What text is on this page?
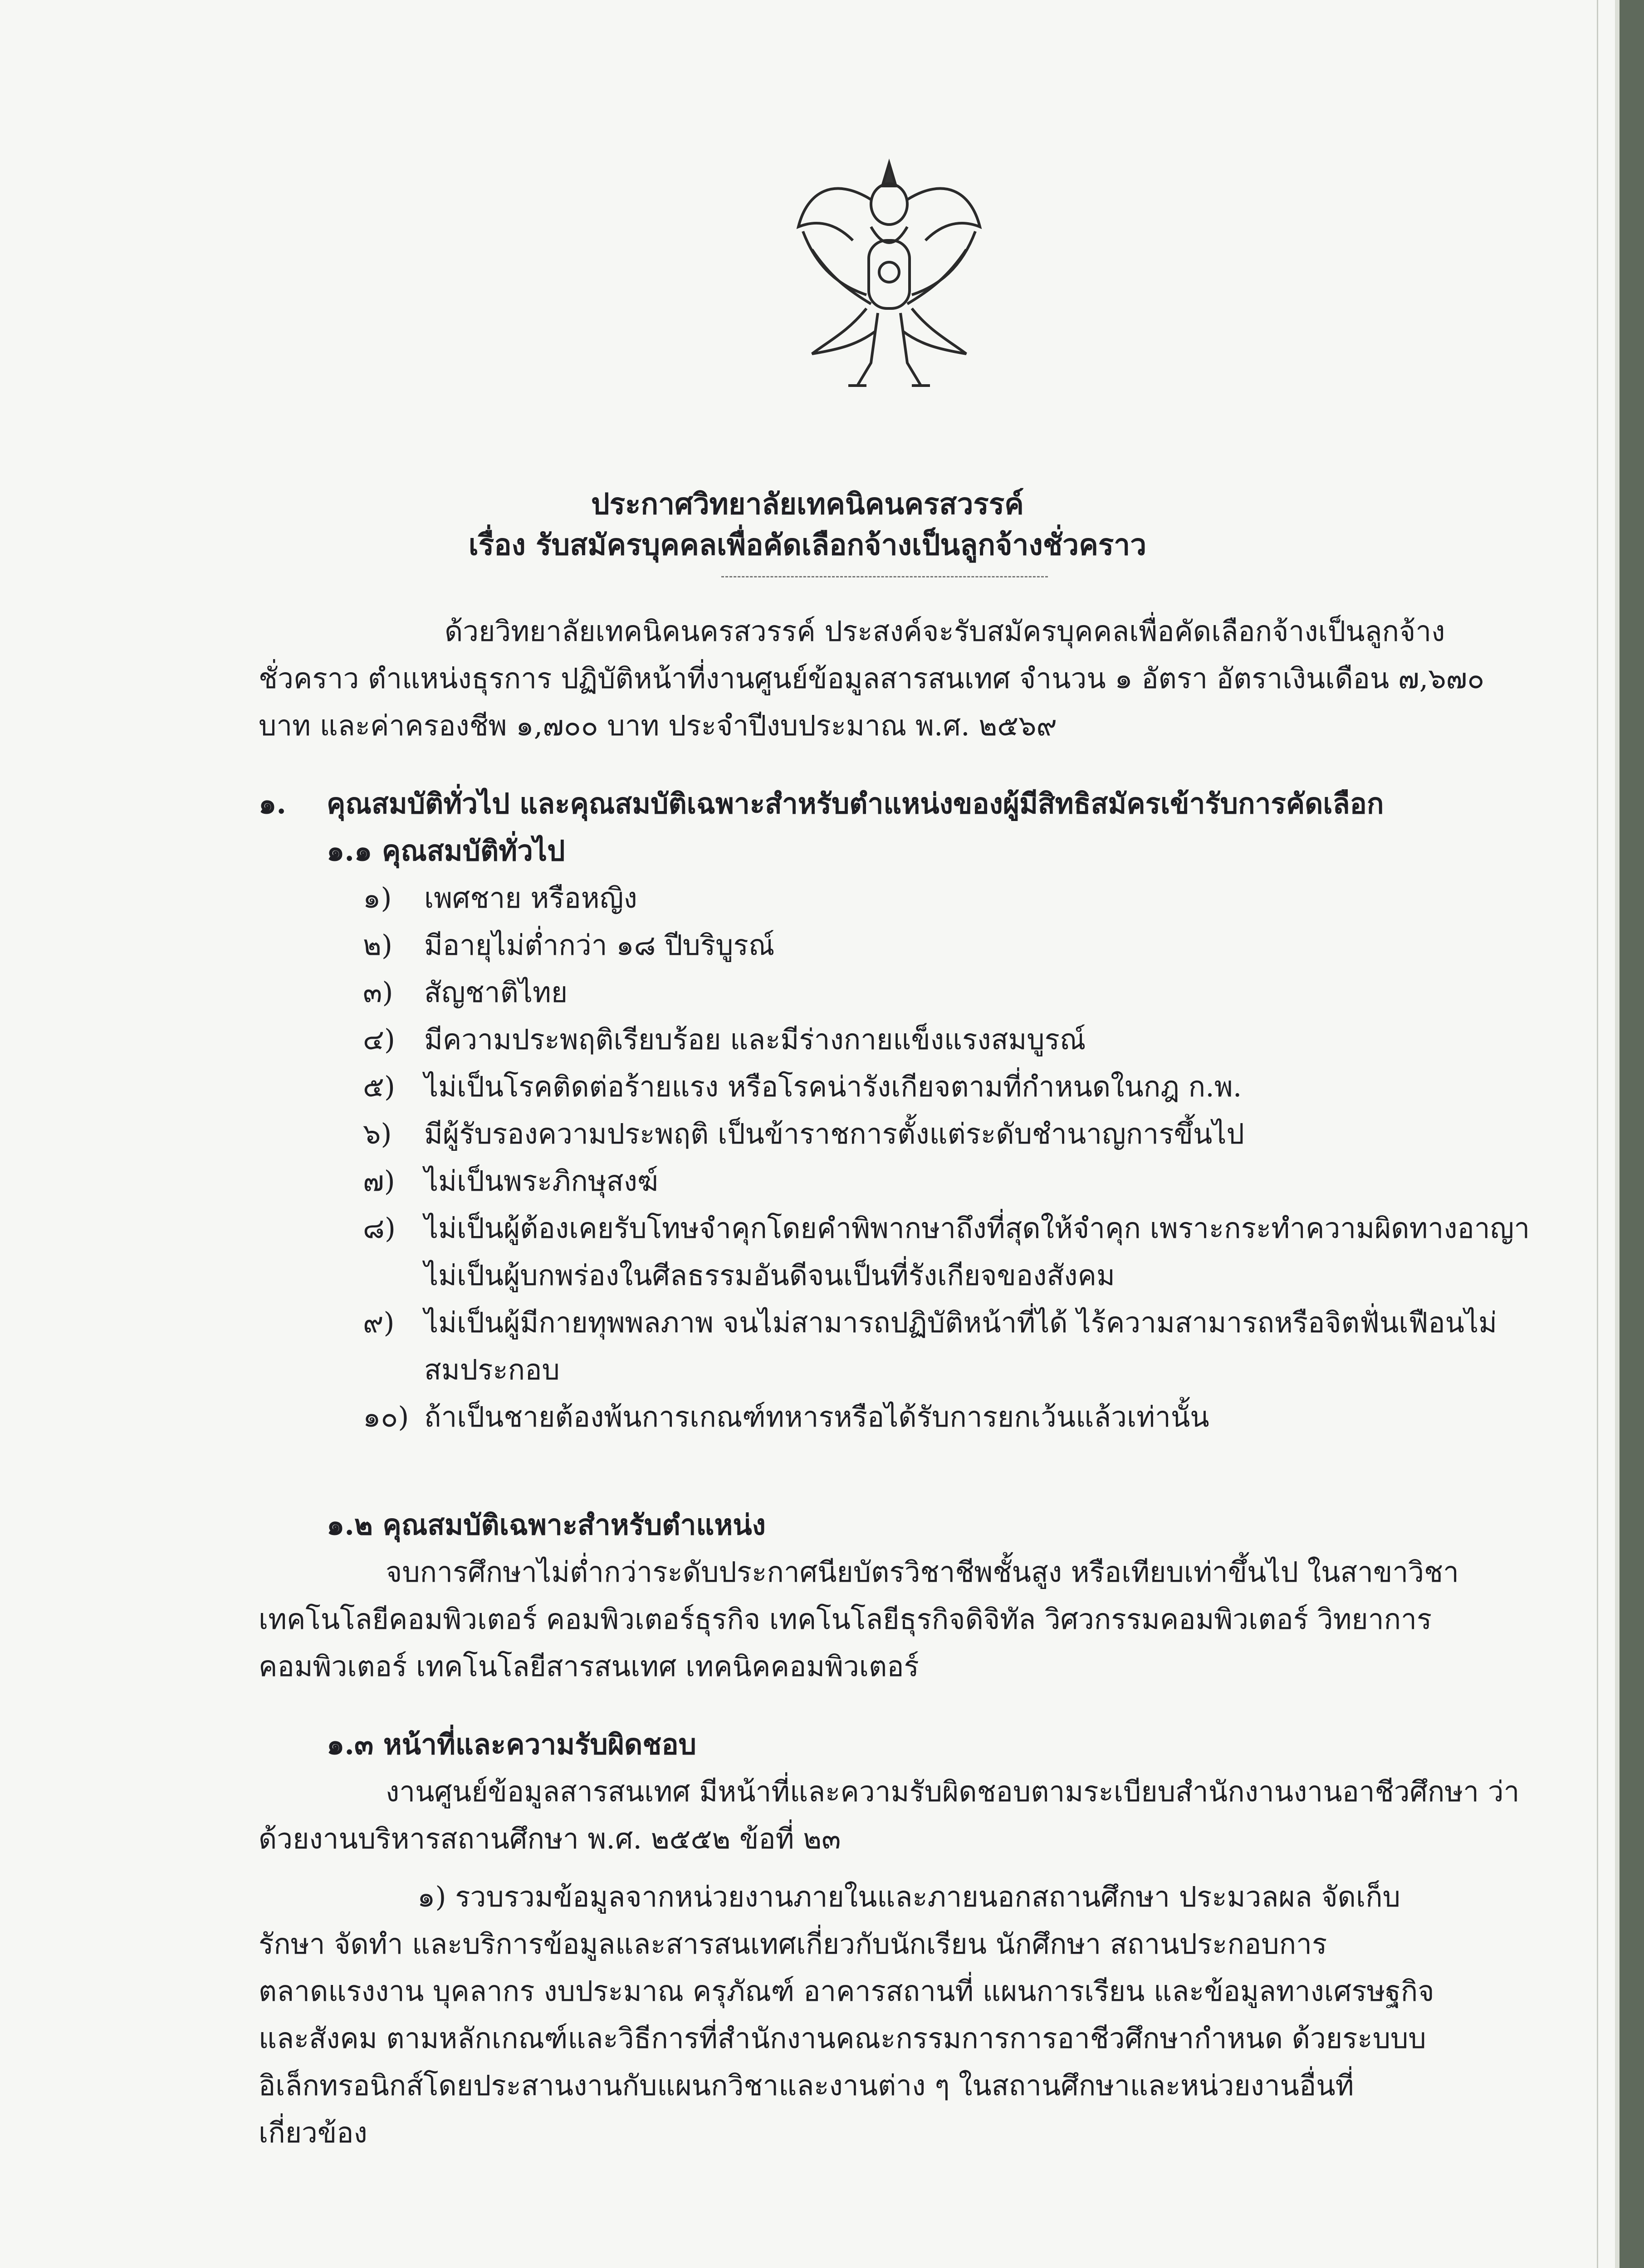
ประกาศวิทยาลัยเทคนิคนครสวรรค์
เรื่อง รับสมัครบุคคลเพื่อคัดเลือกจ้างเป็นลูกจ้างชั่วคราว
ด้วยวิทยาลัยเทคนิคนครสวรรค์ ประสงค์จะรับสมัครบุคคลเพื่อคัดเลือกจ้างเป็นลูกจ้าง
ชั่วคราว ตำแหน่งธุรการ ปฏิบัติหน้าที่งานศูนย์ข้อมูลสารสนเทศ จำนวน ๑ อัตรา อัตราเงินเดือน ๗,๖๗๐
บาท และค่าครองชีพ ๑,๗๐๐ บาท ประจำปีงบประมาณ พ.ศ. ๒๕๖๙
๑. คุณสมบัติทั่วไป และคุณสมบัติเฉพาะสำหรับตำแหน่งของผู้มีสิทธิสมัครเข้ารับการคัดเลือก
๑.๑ คุณสมบัติทั่วไป
๑) เพศชาย หรือหญิง
๒) มีอายุไม่ต่ำกว่า ๑๘ ปีบริบูรณ์
๓) สัญชาติไทย
๔) มีความประพฤติเรียบร้อย และมีร่างกายแข็งแรงสมบูรณ์
๕) ไม่เป็นโรคติดต่อร้ายแรง หรือโรคน่ารังเกียจตามที่กำหนดในกฎ ก.พ.
๖) มีผู้รับรองความประพฤติ เป็นข้าราชการตั้งแต่ระดับชำนาญการขึ้นไป
๗) ไม่เป็นพระภิกษุสงฆ์
๘) ไม่เป็นผู้ต้องเคยรับโทษจำคุกโดยคำพิพากษาถึงที่สุดให้จำคุก เพราะกระทำความผิดทางอาญา
ไม่เป็นผู้บกพร่องในศีลธรรมอันดีจนเป็นที่รังเกียจของสังคม
๙) ไม่เป็นผู้มีกายทุพพลภาพ จนไม่สามารถปฏิบัติหน้าที่ได้ ไร้ความสามารถหรือจิตฟั่นเฟือนไม่
สมประกอบ
๑๐) ถ้าเป็นชายต้องพ้นการเกณฑ์ทหารหรือได้รับการยกเว้นแล้วเท่านั้น
๑.๒ คุณสมบัติเฉพาะสำหรับตำแหน่ง
จบการศึกษาไม่ต่ำกว่าระดับประกาศนียบัตรวิชาชีพชั้นสูง หรือเทียบเท่าขึ้นไป ในสาขาวิชา
เทคโนโลยีคอมพิวเตอร์ คอมพิวเตอร์ธุรกิจ เทคโนโลยีธุรกิจดิจิทัล วิศวกรรมคอมพิวเตอร์ วิทยาการ
คอมพิวเตอร์ เทคโนโลยีสารสนเทศ เทคนิคคอมพิวเตอร์
๑.๓ หน้าที่และความรับผิดชอบ
งานศูนย์ข้อมูลสารสนเทศ มีหน้าที่และความรับผิดชอบตามระเบียบสำนักงานงานอาชีวศึกษา ว่า
ด้วยงานบริหารสถานศึกษา พ.ศ. ๒๕๕๒ ข้อที่ ๒๓
๑) รวบรวมข้อมูลจากหน่วยงานภายในและภายนอกสถานศึกษา ประมวลผล จัดเก็บ
รักษา จัดทำ และบริการข้อมูลและสารสนเทศเกี่ยวกับนักเรียน นักศึกษา สถานประกอบการ
ตลาดแรงงาน บุคลากร งบประมาณ ครุภัณฑ์ อาคารสถานที่ แผนการเรียน และข้อมูลทางเศรษฐกิจ
และสังคม ตามหลักเกณฑ์และวิธีการที่สำนักงานคณะกรรมการการอาชีวศึกษากำหนด ด้วยระบบบ
อิเล็กทรอนิกส์โดยประสานงานกับแผนกวิชาและงานต่าง ๆ ในสถานศึกษาและหน่วยงานอื่นที่
เกี่ยวข้อง
